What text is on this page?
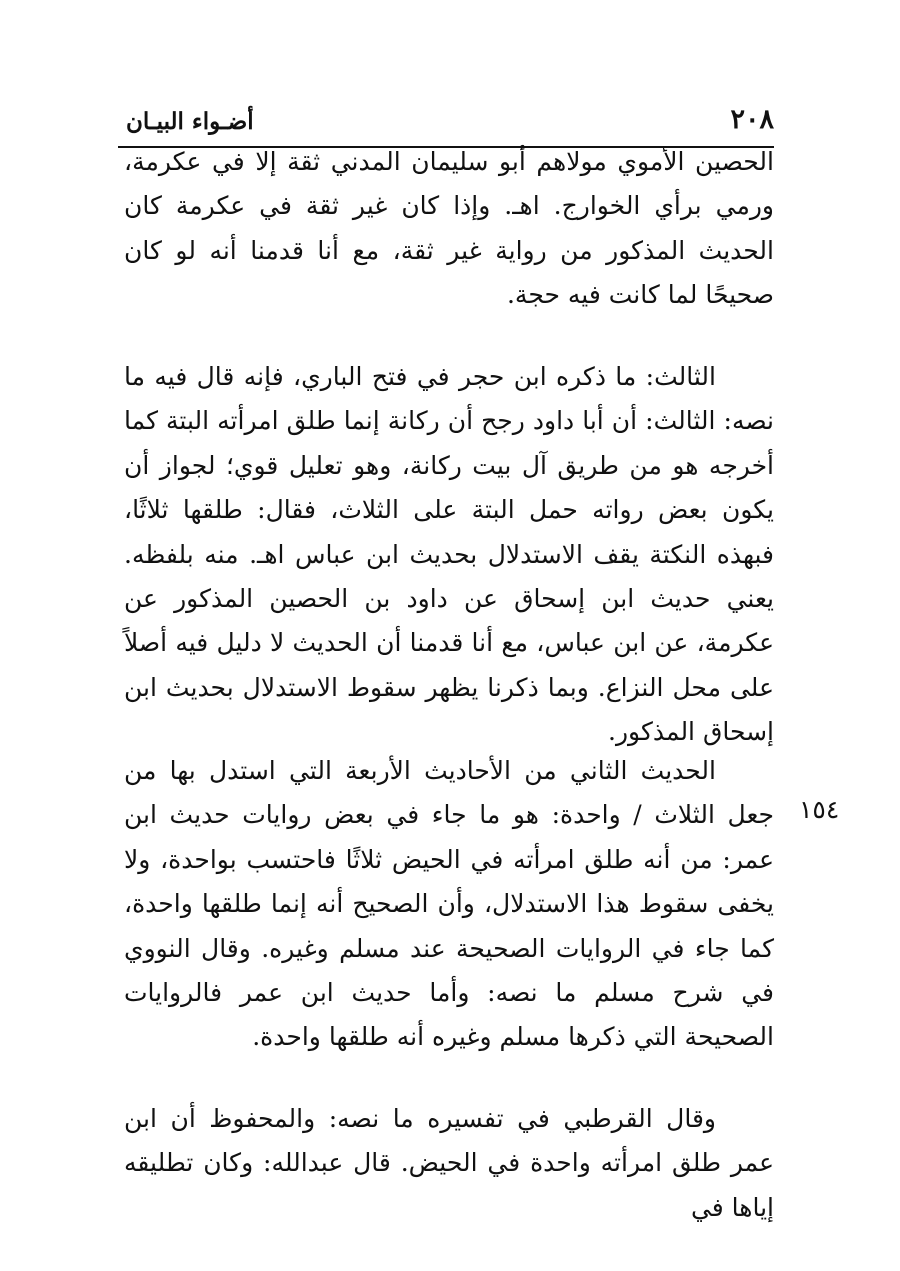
٢٠٨
أضـواء البيـان

الحصين الأموي مولاهم أبو سليمان المدني ثقة إلا في عكرمة، ورمي برأي الخوارج. اهـ. وإذا كان غير ثقة في عكرمة كان الحديث المذكور من رواية غير ثقة، مع أنا قدمنا أنه لو كان صحيحًا لما كانت فيه حجة.

الثالث: ما ذكره ابن حجر في فتح الباري، فإنه قال فيه ما نصه: الثالث: أن أبا داود رجح أن ركانة إنما طلق امرأته البتة كما أخرجه هو من طريق آل بيت ركانة، وهو تعليل قوي؛ لجواز أن يكون بعض رواته حمل البتة على الثلاث، فقال: طلقها ثلاثًا، فبهذه النكتة يقف الاستدلال بحديث ابن عباس اهـ. منه بلفظه. يعني حديث ابن إسحاق عن داود بن الحصين المذكور عن عكرمة، عن ابن عباس، مع أنا قدمنا أن الحديث لا دليل فيه أصلاً على محل النزاع. وبما ذكرنا يظهر سقوط الاستدلال بحديث ابن إسحاق المذكور.

الحديث الثاني من الأحاديث الأربعة التي استدل بها من جعل الثلاث / واحدة: هو ما جاء في بعض روايات حديث ابن عمر: من أنه طلق امرأته في الحيض ثلاثًا فاحتسب بواحدة، ولا يخفى سقوط هذا الاستدلال، وأن الصحيح أنه إنما طلقها واحدة، كما جاء في الروايات الصحيحة عند مسلم وغيره. وقال النووي في شرح مسلم ما نصه: وأما حديث ابن عمر فالروايات الصحيحة التي ذكرها مسلم وغيره أنه طلقها واحدة.

وقال القرطبي في تفسيره ما نصه: والمحفوظ أن ابن عمر طلق امرأته واحدة في الحيض. قال عبدالله: وكان تطليقه إياها في

١٥٤
